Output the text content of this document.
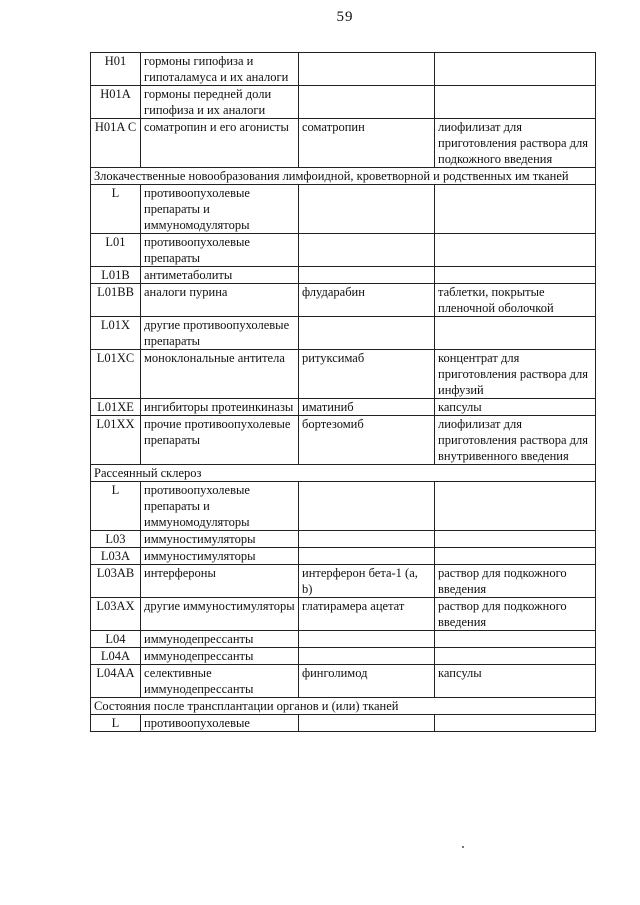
59
H01	гормоны гипофиза и гипоталамуса и их аналоги		
H01A	гормоны передней доли гипофиза и их аналоги		
H01A C	соматропин и его агонисты	соматропин	лиофилизат для приготовления раствора для подкожного введения
Злокачественные новообразования лимфоидной, кроветворной и родственных им тканей			
L	противоопухолевые препараты и иммуномодуляторы		
L01	противоопухолевые препараты		
L01B	антиметаболиты		
L01BB	аналоги пурина	флударабин	таблетки, покрытые пленочной оболочкой
L01X	другие противоопухолевые препараты		
L01XC	моноклональные антитела	ритуксимаб	концентрат для приготовления раствора для инфузий
L01XE	ингибиторы протеинкиназы	иматиниб	капсулы
L01XX	прочие противоопухолевые препараты	бортезомиб	лиофилизат для приготовления раствора для внутривенного введения
Рассеянный склероз			
L	противоопухолевые препараты и иммуномодуляторы		
L03	иммуностимуляторы		
L03A	иммуностимуляторы		
L03AB	интерфероны	интерферон бета-1 (a, b)	раствор для подкожного введения
L03AX	другие иммуностимуляторы	глатирамера ацетат	раствор для подкожного введения
L04	иммунодепрессанты		
L04A	иммунодепрессанты		
L04AA	селективные иммунодепрессанты	финголимод	капсулы
Состояния после трансплантации органов и (или) тканей			
L	противоопухолевые		
